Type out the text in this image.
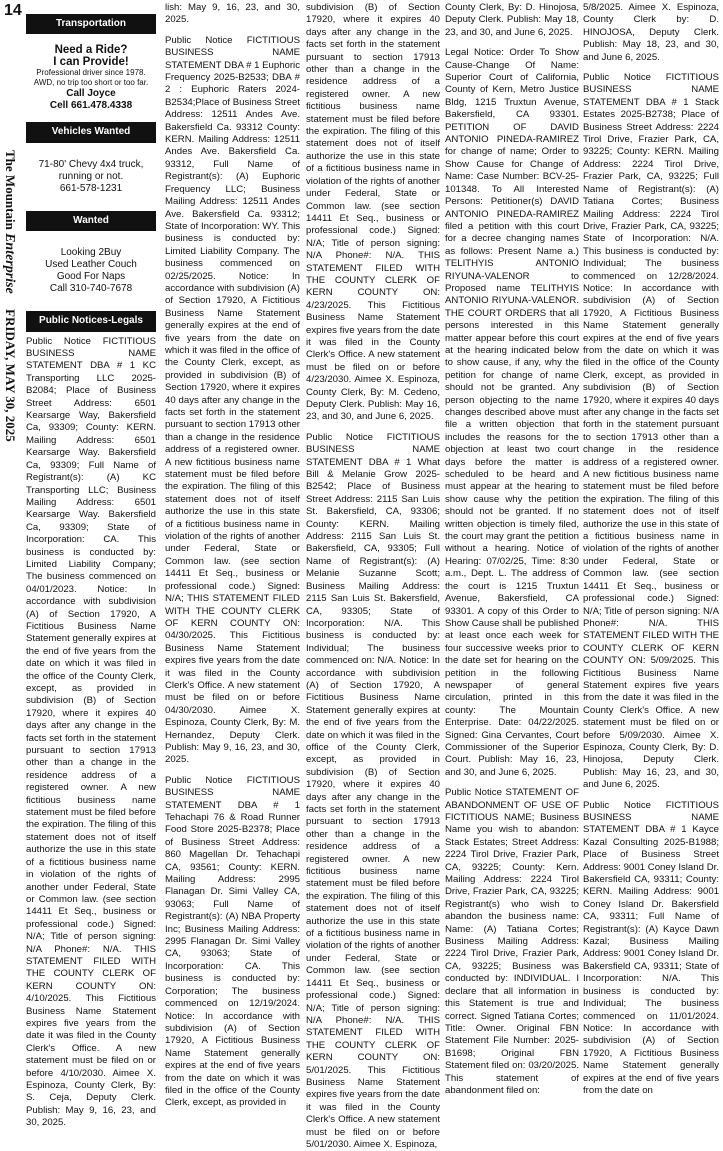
14
The Mountain Enterprise FRIDAY, MAY 30, 2025
Transportation
Need a Ride?
I can Provide!
Professional driver since 1978.
AWD, no trip too short or too far.
Call Joyce
Cell 661.478.4338
Vehicles Wanted
71-80' Chevy 4x4 truck,
running or not.
661-578-1231
Wanted
Looking 2Buy
Used Leather Couch
Good For Naps
Call 310-740-7678
Public Notices-Legals

Public Notice FICTITIOUS BUSINESS NAME STATEMENT DBA # 1 KC Transporting LLC 2025-B2084; Place of Business Street Address: 6501 Kearsarge Way, Bakersfield Ca, 93309; County: KERN. Mailing Address: 6501 Kearsarge Way. Bakersfield Ca, 93309; Full Name of Registrant(s): (A) KC Transporting LLC; Business Mailing Address: 6501 Kearsarge Way. Bakersfield Ca, 93309; State of Incorporation: CA. This business is conducted by: Limited Liability Company; The business commenced on 04/01/2023. Notice: In accordance with subdivision (A) of Section 17920, A Fictitious Business Name Statement generally expires at the end of five years from the date on which it was filed in the office of the County Clerk, except, as provided in subdivision (B) of Section 17920, where it expires 40 days after any change in the facts set forth in the statement pursuant to section 17913 other than a change in the residence address of a registered owner. A new fictitious business name statement must be filed before the expiration. The filing of this statement does not of itself authorize the use in this state of a fictitious business name in violation of the rights of another under Federal, State or Common law. (see section 14411 Et Seq., business or professional code.) Signed: N/A; Title of person signing: N/A Phone#: N/A. THIS STATEMENT FILED WITH THE COUNTY CLERK OF KERN COUNTY ON: 4/10/2025. This Fictitious Business Name Statement expires five years from the date it was filed in the County Clerk's Office. A new statement must be filed on or before 4/10/2030. Aimee X. Espinoza, County Clerk, By: S. Ceja, Deputy Clerk. Publish: May 9, 16, 23, and 30, 2025.

lish: May 9, 16, 23, and 30, 2025.

Public Notice FICTITIOUS BUSINESS NAME STATEMENT DBA # 1 Euphoric Frequency 2025-B2533; DBA # 2 : Euphoric Raters 2024-B2534;Place of Business Street Address: 12511 Andes Ave. Bakersfield Ca. 93312 County: KERN. Mailing Address: 12511 Andes Ave. Bakersfield Ca. 93312, Full Name of Registrant(s): (A) Euphoric Frequency LLC; Business Mailing Address: 12511 Andes Ave. Bakersfield Ca. 93312; State of Incorporation: WY. This business is conducted by: Limited Liability Company. The business commenced on 02/25/2025. Notice: In accordance with subdivision (A) of Section 17920, A Fictitious Business Name Statement generally expires at the end of five years from the date on which it was filed in the office of the County Clerk, except, as provided in subdivision (B) of Section 17920, where it expires 40 days after any change in the facts set forth in the statement pursuant to section 17913 other than a change in the residence address of a registered owner. A new fictitious business name statement must be filed before the expiration. The filing of this statement does not of itself authorize the use in this state of a fictitious business name in violation of the rights of another under Federal, State or Common law. (see section 14411 Et Seq., business or professional code.) Signed: N/A; THIS STATEMENT FILED WITH THE COUNTY CLERK OF KERN COUNTY ON: 04/30/2025. This Fictitious Business Name Statement expires five years from the date it was filed in the County Clerk's Office. A new statement must be filed on or before 04/30/2030. Aimee X. Espinoza, County Clerk, By: M. Hernandez, Deputy Clerk. Publish: May 9, 16, 23, and 30, 2025.

Public Notice FICTITIOUS BUSINESS NAME STATEMENT DBA # 1 Tehachapi 76 & Road Runner Food Store 2025-B2378; Place of Business Street Address: 860 Magellan Dr. Tehachapi CA, 93561; County: KERN. Mailing Address: 2995 Flanagan Dr. Simi Valley CA, 93063; Full Name of Registrant(s): (A) NBA Property Inc; Business Mailing Address: 2995 Flanagan Dr. Simi Valley CA, 93063; State of Incorporation: CA. This business is conducted by: Corporation; The business commenced on 12/19/2024. Notice: In accordance with subdivision (A) of Section 17920, A Fictitious Business Name Statement generally expires at the end of five years from the date on which it was filed in the office of the County Clerk, except, as provided in

subdivision (B) of Section 17920, where it expires 40 days after any change in the facts set forth in the statement pursuant to section 17913 other than a change in the residence address of a registered owner. A new fictitious business name statement must be filed before the expiration. The filing of this statement does not of itself authorize the use in this state of a fictitious business name in violation of the rights of another under Federal, State or Common law. (see section 14411 Et Seq., business or professional code.) Signed: N/A; Title of person signing: N/A Phone#: N/A. THIS STATEMENT FILED WITH THE COUNTY CLERK OF KERN COUNTY ON: 4/23/2025. This Fictitious Business Name Statement expires five years from the date it was filed in the County Clerk's Office. A new statement must be filed on or before 4/23/2030. Aimee X. Espinoza, County Clerk, By: M. Cedeno, Deputy Clerk. Publish: May 16, 23, and 30, and June 6, 2025.

Public Notice FICTITIOUS BUSINESS NAME STATEMENT DBA # 1 What Bill & Melanie Grow 2025-B2542; Place of Business Street Address: 2115 San Luis St. Bakersfield, CA, 93306; County: KERN. Mailing Address: 2115 San Luis St. Bakersfield, CA, 93305; Full Name of Registrant(s): (A) Melanie Suzanne Scott; Business Mailing Address: 2115 San Luis St. Bakersfield, CA, 93305; State of Incorporation: N/A. This business is conducted by: Individual; The business commenced on: N/A. Notice: In accordance with subdivision (A) of Section 17920, A Fictitious Business Name Statement generally expires at the end of five years from the date on which it was filed in the office of the County Clerk, except, as provided in subdivision (B) of Section 17920, where it expires 40 days after any change in the facts set forth in the statement pursuant to section 17913 other than a change in the residence address of a registered owner. A new fictitious business name statement must be filed before the expiration. The filing of this statement does not of itself authorize the use in this state of a fictitious business name in violation of the rights of another under Federal, State or Common law. (see section 14411 Et Seq., business or professional code.) Signed: N/A; Title of person signing: N/A Phone#: N/A. THIS STATEMENT FILED WITH THE COUNTY CLERK OF KERN COUNTY ON: 5/01/2025. This Fictitious Business Name Statement expires five years from the date it was filed in the County Clerk's Office. A new statement must be filed on or before 5/01/2030. Aimee X. Espinoza,

County Clerk, By: D. Hinojosa, Deputy Clerk. Publish: May 18, 23, and 30, and June 6, 2025.

Legal Notice: Order To Show Cause-Change Of Name: Superior Court of California, County of Kern, Metro Justice Bldg, 1215 Truxtun Avenue, Bakersfield, CA 93301. PETITION OF DAVID ANTONIO PINEDA-RAMIREZ for change of name; Order to Show Cause for Change of Name: Case Number: BCV-25-101348. To All Interested Persons: Petitioner(s) DAVID ANTONIO PINEDA-RAMIREZ filed a petition with this court for a decree changing names as follows: Present Name a.) TELITHYIS ANTONIO RIYUNA-VALENOR to Proposed name TELITHYIS ANTONIO RIYUNA-VALENOR. THE COURT ORDERS that all persons interested in this matter appear before this court at the hearing indicated below to show cause, if any, why the petition for change of name should not be granted. Any person objecting to the name changes described above must file a written objection that includes the reasons for the objection at least two court days before the matter is scheduled to be heard and must appear at the hearing to show cause why the petition should not be granted. If no written objection is timely filed, the court may grant the petition without a hearing. Notice of Hearing: 07/02/25, Time: 8:30 a.m., Dept. L. The address of the court is 1215 Truxtun Avenue, Bakersfield, CA 93301. A copy of this Order to Show Cause shall be published at least once each week for four successive weeks prior to the date set for hearing on the petition in the following newspaper of general circulation, printed in this county: The Mountain Enterprise. Date: 04/22/2025. Signed: Gina Cervantes, Court Commissioner of the Superior Court. Publish: May 16, 23, and 30, and June 6, 2025.

Public Notice STATEMENT OF ABANDONMENT OF USE OF FICTITIOUS NAME; Business Name you wish to abandon: Stack Estates; Street Address: 2224 Tirol Drive, Frazier Park, CA, 93225; County: Kern. Mailing Address: 2224 Tirol Drive, Frazier Park, CA, 93225; Registrant(s) who wish to abandon the business name: Name: (A) Tatiana Cortes; Business Mailing Address: 2224 Tirol Drive, Frazier Park, CA, 93225; Business was conducted by: INDIVIDUAL. I declare that all information in this Statement is true and correct. Signed Tatiana Cortes; Title: Owner. Original FBN Statement File Number: 2025-B1698; Original FBN Statement filed on: 03/20/2025. This statement of abandonment filed on:

5/8/2025. Aimee X. Espinoza, County Clerk by: D. HINOJOSA, Deputy Clerk. Publish: May 18, 23, and 30, and June 6, 2025.

Public Notice FICTITIOUS BUSINESS NAME STATEMENT DBA # 1 Stack Estates 2025-B2738; Place of Business Street Address: 2224 Tirol Drive, Frazier Park, CA, 93225; County: KERN. Mailing Address: 2224 Tirol Drive, Frazier Park, CA, 93225; Full Name of Registrant(s): (A) Tatiana Cortes; Business Mailing Address: 2224 Tirol Drive, Frazier Park, CA, 93225; State of Incorporation: N/A. This business is conducted by: Individual; The business commenced on 12/28/2024. Notice: In accordance with subdivision (A) of Section 17920, A Fictitious Business Name Statement generally expires at the end of five years from the date on which it was filed in the office of the County Clerk, except, as provided in subdivision (B) of Section 17920, where it expires 40 days after any change in the facts set forth in the statement pursuant to section 17913 other than a change in the residence address of a registered owner. A new fictitious business name statement must be filed before the expiration. The filing of this statement does not of itself authorize the use in this state of a fictitious business name in violation of the rights of another under Federal, State or Common law. (see section 14411 Et Seq., business or professional code.) Signed: N/A; Title of person signing: N/A Phone#: N/A. THIS STATEMENT FILED WITH THE COUNTY CLERK OF KERN COUNTY ON: 5/09/2025. This Fictitious Business Name Statement expires five years from the date it was filed in the County Clerk's Office. A new statement must be filed on or before 5/09/2030. Aimee X. Espinoza, County Clerk, By: D. Hinojosa, Deputy Clerk. Publish: May 16, 23, and 30, and June 6, 2025.

Public Notice FICTITIOUS BUSINESS NAME STATEMENT DBA # 1 Kayce Kazal Consulting 2025-B1988; Place of Business Street Address: 9001 Coney Island Dr. Bakersfield CA, 93311; County: KERN. Mailing Address: 9001 Coney Island Dr. Bakersfield CA, 93311; Full Name of Registrant(s): (A) Kayce Dawn Kazal; Business Mailing Address: 9001 Coney Island Dr. Bakersfield CA, 93311; State of Incorporation: N/A. This business is conducted by: Individual; The business commenced on 11/01/2024. Notice: In accordance with subdivision (A) of Section 17920, A Fictitious Business Name Statement generally expires at the end of five years from the date on
